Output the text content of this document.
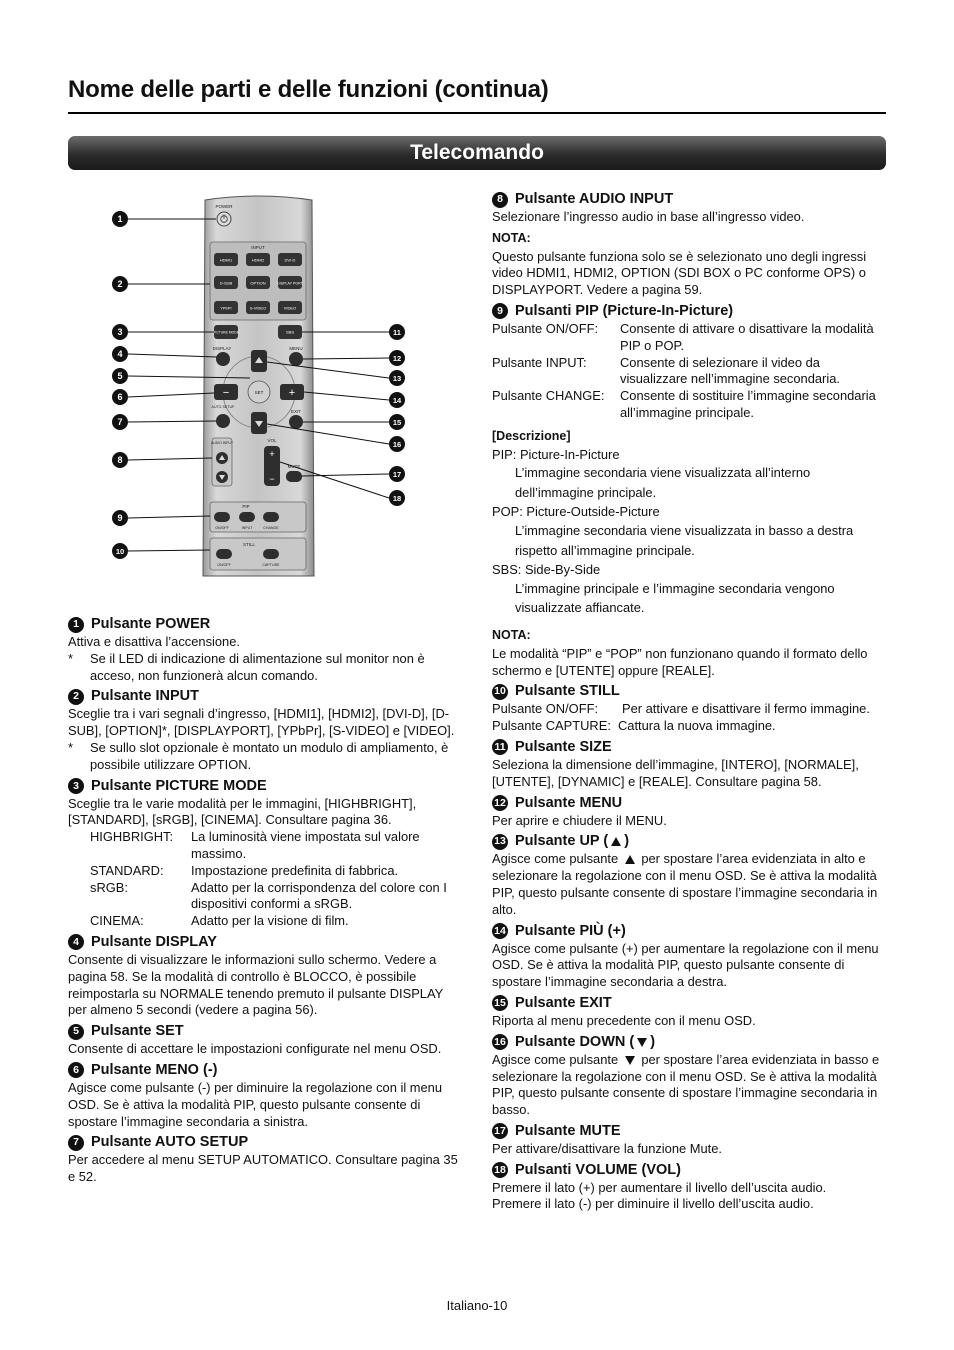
Nome delle parti e delle funzioni (continua)
Telecomando
POWER
INPUT
HDMI1	HDMI2	DVI-D
D-SUB	OPTION	DISPLAY PORT
YPbPr	S-VIDEO	VIDEO
PICTURE MODE	SBS
DISPLAY	MENU
−	+
SET
AUTO SETUP
EXIT
AUDIO INPUT	VOL
+
−
MUTE
PIP
ON/OFF	INPUT	CHANGE
STILL
ON/OFF	CAPTURE
1
2
3
4
5
6
7
8
9
10
11
12
13
14
15
16
17
18
1 Pulsante POWER
Attiva e disattiva l’accensione.
*	Se il LED di indicazione di alimentazione sul monitor non è acceso, non funzionerà alcun comando.
2 Pulsante INPUT
Sceglie tra i vari segnali d’ingresso, [HDMI1], [HDMI2], [DVI-D], [D-SUB], [OPTION]*, [DISPLAYPORT], [YPbPr], [S-VIDEO] e [VIDEO].
*	Se sullo slot opzionale è montato un modulo di ampliamento, è possibile utilizzare OPTION.
3 Pulsante PICTURE MODE
Sceglie tra le varie modalità per le immagini, [HIGHBRIGHT], [STANDARD], [sRGB], [CINEMA]. Consultare pagina 36.
HIGHBRIGHT:	La luminosità viene impostata sul valore massimo.
STANDARD:	Impostazione predefinita di fabbrica.
sRGB:	Adatto per la corrispondenza del colore con I dispositivi conformi a sRGB.
CINEMA:	Adatto per la visione di film.
4 Pulsante DISPLAY
Consente di visualizzare le informazioni sullo schermo. Vedere a pagina 58. Se la modalità di controllo è BLOCCO, è possibile reimpostarla su NORMALE tenendo premuto il pulsante DISPLAY per almeno 5 secondi (vedere a pagina 56).
5 Pulsante SET
Consente di accettare le impostazioni configurate nel menu OSD.
6 Pulsante MENO (-)
Agisce come pulsante (-) per diminuire la regolazione con il menu OSD. Se è attiva la modalità PIP, questo pulsante consente di spostare l’immagine secondaria a sinistra.
7 Pulsante AUTO SETUP
Per accedere al menu SETUP AUTOMATICO. Consultare pagina 35 e 52.
8 Pulsante AUDIO INPUT
Selezionare l’ingresso audio in base all’ingresso video.
NOTA:
Questo pulsante funziona solo se è selezionato uno degli ingressi video HDMI1, HDMI2, OPTION (SDI BOX o PC conforme OPS) o DISPLAYPORT. Vedere a pagina 59.
9 Pulsanti PIP (Picture-In-Picture)
Pulsante ON/OFF:	Consente di attivare o disattivare la modalità PIP o POP.
Pulsante INPUT:	Consente di selezionare il video da visualizzare nell’immagine secondaria.
Pulsante CHANGE:	Consente di sostituire l’immagine secondaria all’immagine principale.
[Descrizione]
PIP: Picture-In-Picture
L’immagine secondaria viene visualizzata all’interno dell’immagine principale.
POP: Picture-Outside-Picture
L’immagine secondaria viene visualizzata in basso a destra rispetto all’immagine principale.
SBS: Side-By-Side
L’immagine principale e l’immagine secondaria vengono visualizzate affiancate.
NOTA:
Le modalità “PIP” e “POP” non funzionano quando il formato dello schermo e [UTENTE] oppure [REALE].
10 Pulsante STILL
Pulsante ON/OFF:	Per attivare e disattivare il fermo immagine.
Pulsante CAPTURE: Cattura la nuova immagine.
11 Pulsante SIZE
Seleziona la dimensione dell’immagine, [INTERO], [NORMALE], [UTENTE], [DYNAMIC] e [REALE]. Consultare pagina 58.
12 Pulsante MENU
Per aprire e chiudere il MENU.
13 Pulsante UP ( )
Agisce come pulsante per spostare l’area evidenziata in alto e selezionare la regolazione con il menu OSD. Se è attiva la modalità PIP, questo pulsante consente di spostare l’immagine secondaria in alto.
14 Pulsante PIÙ (+)
Agisce come pulsante (+) per aumentare la regolazione con il menu OSD. Se è attiva la modalità PIP, questo pulsante consente di spostare l’immagine secondaria a destra.
15 Pulsante EXIT
Riporta al menu precedente con il menu OSD.
16 Pulsante DOWN ( )
Agisce come pulsante per spostare l’area evidenziata in basso e selezionare la regolazione con il menu OSD. Se è attiva la modalità PIP, questo pulsante consente di spostare l’immagine secondaria in basso.
17 Pulsante MUTE
Per attivare/disattivare la funzione Mute.
18 Pulsanti VOLUME (VOL)
Premere il lato (+) per aumentare il livello dell’uscita audio.
Premere il lato (-) per diminuire il livello dell’uscita audio.
Italiano-10
